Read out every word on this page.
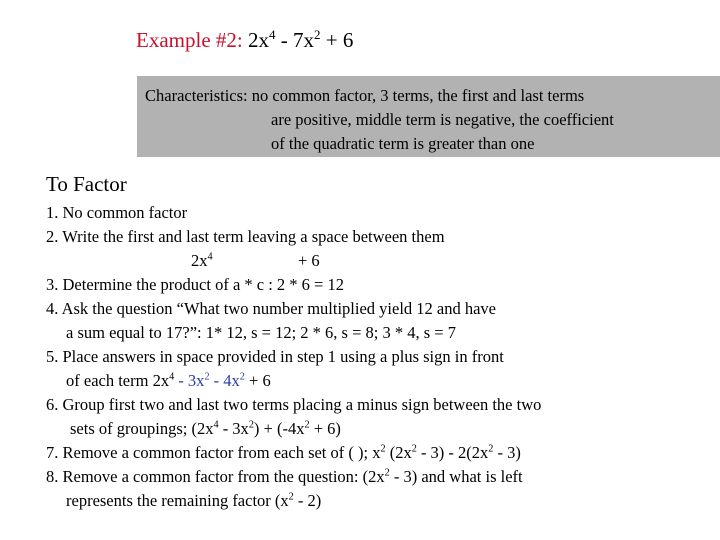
Example #2: $2x^4 - 7x^2 + 6$
Characteristics: no common factor, 3 terms, the first and last terms
are positive, middle term is negative, the coefficient
of the quadratic term is greater than one
To Factor
1. No common factor
2. Write the first and last term leaving a space between them
$2x^4$	+ 6
3. Determine the product of a * c : 2 * 6 = 12
4. Ask the question “What two number multiplied yield 12 and have
a sum equal to 17?”: 1* 12, s = 12; 2 * 6, s = 8; 3 * 4, s = 7
5. Place answers in space provided in step 1 using a plus sign in front
of each term $2x^4 - 3x^2 - 4x^2 + 6$
6. Group first two and last two terms placing a minus sign between the two
sets of groupings; $(2x^4 - 3x^2) + (-4x^2 + 6)$
7. Remove a common factor from each set of ( ); $x^2$ $(2x^2 - 3) - 2(2x^2 - 3)$
8. Remove a common factor from the question: $(2x^2 - 3)$ and what is left
represents the remaining factor $(x^2 - 2)$
